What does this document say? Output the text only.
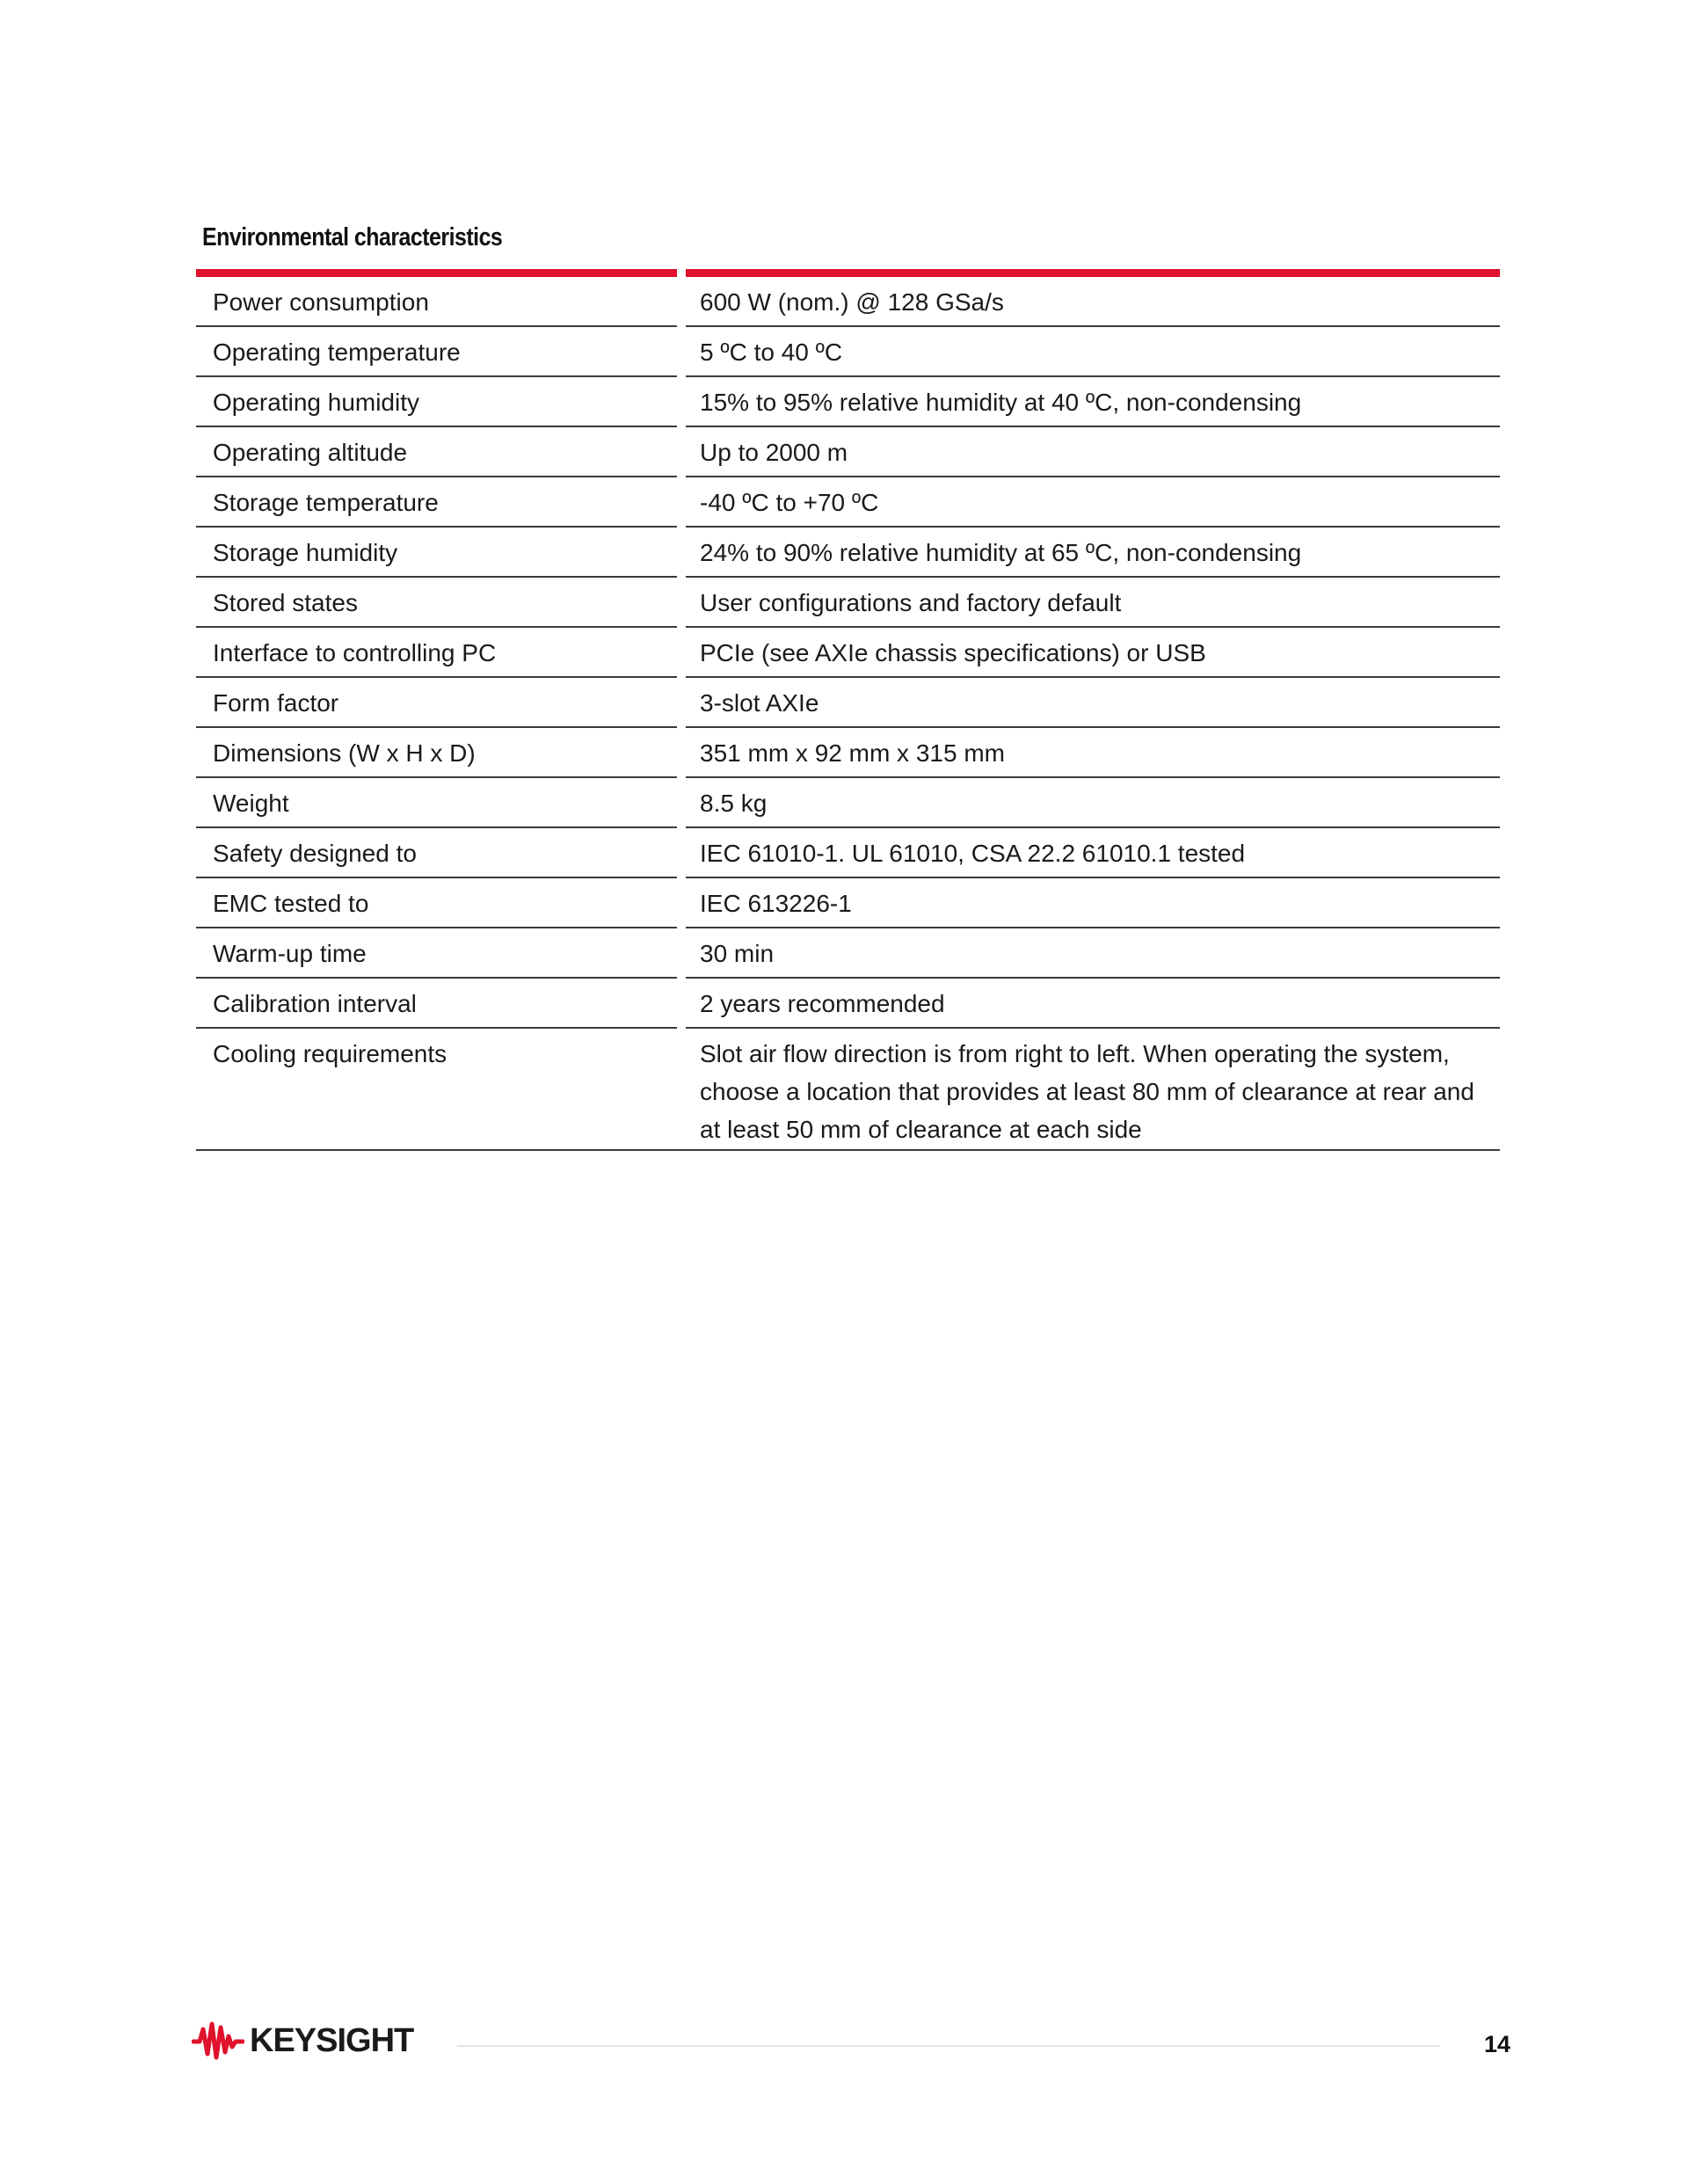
Environmental characteristics
Power consumption	600 W (nom.) @ 128 GSa/s
Operating temperature	5 ºC to 40 ºC
Operating humidity	15% to 95% relative humidity at 40 ºC, non-condensing
Operating altitude	Up to 2000 m
Storage temperature	-40 ºC to +70 ºC
Storage humidity	24% to 90% relative humidity at 65 ºC, non-condensing
Stored states	User configurations and factory default
Interface to controlling PC	PCIe (see AXIe chassis specifications) or USB
Form factor	3-slot AXIe
Dimensions (W x H x D)	351 mm x 92 mm x 315 mm
Weight	8.5 kg
Safety designed to	IEC 61010-1. UL 61010, CSA 22.2 61010.1 tested
EMC tested to	IEC 613226-1
Warm-up time	30 min
Calibration interval	2 years recommended
Cooling requirements	Slot air flow direction is from right to left. When operating the system, choose a location that provides at least 80 mm of clearance at rear and at least 50 mm of clearance at each side
KEYSIGHT	14
